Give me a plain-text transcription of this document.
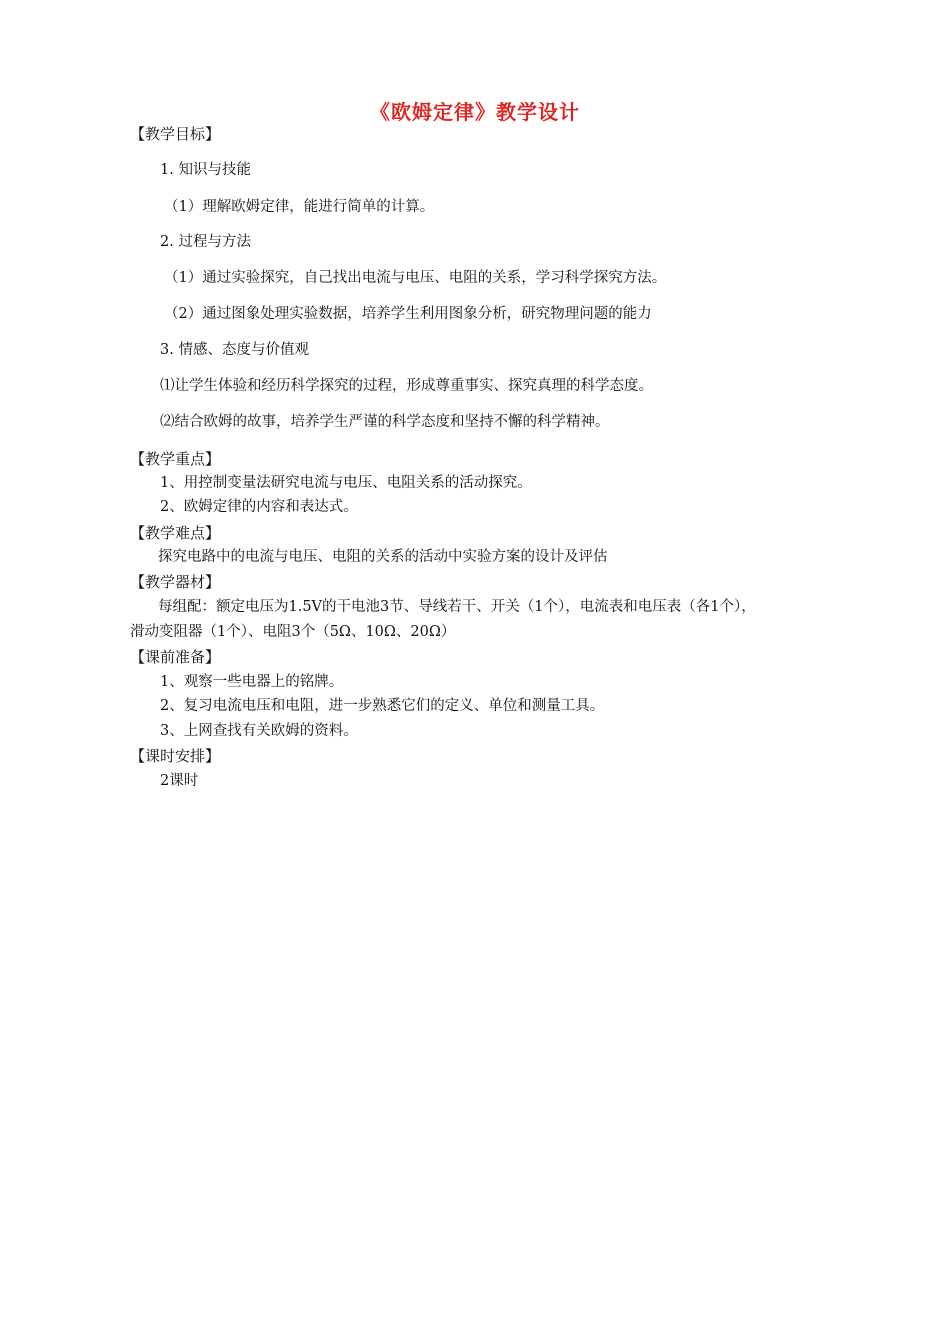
《欧姆定律》教学设计
【教学目标】
1. 知识与技能
（1）理解欧姆定律，能进行简单的计算。
2. 过程与方法
（1）通过实验探究，自己找出电流与电压、电阻的关系，学习科学探究方法。
（2）通过图象处理实验数据，培养学生利用图象分析，研究物理问题的能力
3. 情感、态度与价值观
⑴让学生体验和经历科学探究的过程，形成尊重事实、探究真理的科学态度。
⑵结合欧姆的故事，培养学生严谨的科学态度和坚持不懈的科学精神。
【教学重点】
1、用控制变量法研究电流与电压、电阻关系的活动探究。
2、欧姆定律的内容和表达式。
【教学难点】
探究电路中的电流与电压、电阻的关系的活动中实验方案的设计及评估
【教学器材】
每组配：额定电压为1.5V的干电池3节、导线若干、开关（1个），电流表和电压表（各1个），
滑动变阻器（1个）、电阻3个（5Ω、10Ω、20Ω）
【课前准备】
1、观察一些电器上的铭牌。
2、复习电流电压和电阻，进一步熟悉它们的定义、单位和测量工具。
3、上网查找有关欧姆的资料。
【课时安排】
2课时
